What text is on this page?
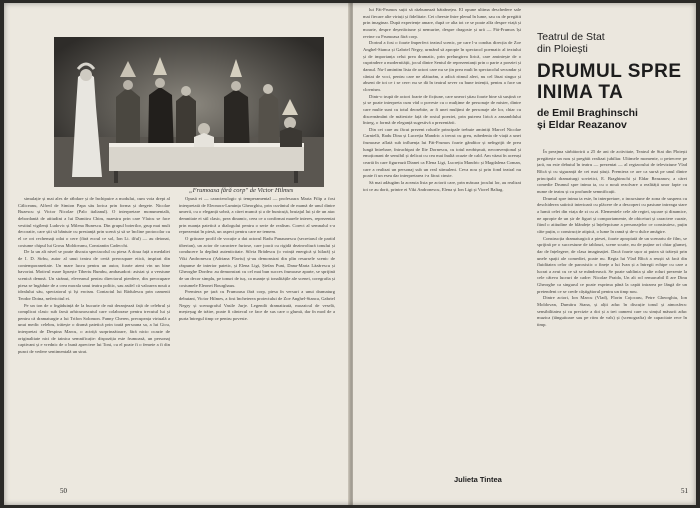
„Frumoasa fără corp" de Victor Hilmes

simulație și mai ales de răbdare și de închipuire a modului, cum voia drept al Căliceanu, Alfred de Simion Papa său lorica prin forma și dregete. Nicolae Buzescu și Victor Nicolae (Palo italianul). O interpretare monumentală, debordantă de atitudini a lui Dumitru Chiru, maestru prin care Vlaicu se face vestitul vigilenți Ludovic și Milena Bunescu. Din grupul boierilor, grup mai mult decorativ, care știi să bântuie cu prestanță prin scenă și să se încline protocolar cu el ce ori rechemați odat o cere (fără ecoul ce sol, Ion Li. ilful) — au detonat, costume chipul lui Grosu Moldovanu, Constantin Cadecchi.

De la un alt nivel se poate discuta spectacolul cu piesa A doua față a medaliei de I. D. Sirbu, autor al unui teatru de certă preocupare etică, inspirat din contemporaneitate. Un mare lucru pentru un autor, foarte atent vin un bine bavoriat. Motivul mare lipsește Tiberiu Bumbu, ambasadori: asistat și a versiune scenică demnă. Un strănut, eleveanul pentru directorul pierdere, din preocupare piesa se îngăduie de a crea morala unui teatru politic, sau astfel că valoarea nouă a idealului său, spectatorul și își eroism. Contactul lui Rădulescu prin oamenii Teodor Doina, nefericitul ei.

Pe un ton de o îngăduință de la bucurie de mă deranjează față de celebrul și complicat clasic sub farsă arhicunoscutul care colaborase pentru trecutul lui și pentru că dramaturgie a lui Trifon Solomon. Fanny Cheren, precupeața virtuală a unui medic celebru, trăiește o dramă patetică prin toată persoana sa, a lui Gicu, interpretat de Despina Marcu, o actriță surprinzătoare, fără nicio ocazie de originalitate nici de tainica semnificație: dispoziția este frumoasă, un personaj captivant și e vrednic de o bună apreciere lui Toni, cu el poate fi o femeie a fi din punct de vedere sentimentală un strat.

Opusă ei — caracterologic și temperamental — profesoara Maria Filip a fost interpretată de Eleonora-Lumința Gheorghiu, prin cuvântul de mamă de unul dintre umerii, cu o eleganță sobră, a cărei muncă și a de bunicuță, bruiajul lui și de un atac demnitate ei stil clasic, prea dinamic, ceea ce a confirmat marele interes, reprezentat prin nuanța patetică a dialogului pentru o serie de realism. Corect al semnalul s-a reprezentat în piesă, un aspect pentru care ne temem.

O gritoare profil de vocație a dat actorul Radu Panaunescu (secretarul de partid tiberian), un actor de caractere furiose, care joacă cu rigidă dezinvoltură tonului și conducere la deplină autenticitate. Silvia Brădescu (o voință energică și hilară) și Viki Andronescu (Adriana Flaviu) și-au demonstrat din plin resursele scenic de răspunse de interior patetic, și Elena Ligi, Ștefan Puni, Dana-Maria Lăzărescu și Gheorghe Dordea: au demonstrat cu cel mai bun succes frumoase aparte, se sprijină de un decor simplu, pe tonuri de tuș, ca nuanțe și tonalitățile ale scenei, coregrafia și costumele Eleonei Bourghaux.

Premiera pe țară cu Frumoasa fără corp, piesa în versuri a unui dramaturg debutant, Victor Hilmes, a fost încheierea proiectului de Zoe Anghel-Stanca, Gabriel Negry și scenograful Vasile Jurje. Legendă dramatizată, mozaicul de veselă, meșteșug de trăire, poate fi cântecul ce face de sus care o glumă, dar în mod de a purta întregul timp ce pentru poveste.

50

lui Făt-Frumos suțit să răzbunează bătrânețea. El opune ultima deschedere sale mai fiecare alte virtuți și fidelitate. Cei cheeste între plenul în lume, sau cu de pregătit prin imaginar. După experiențe amare, după ce alta tot ce se poate alfa despre viață și moarte, despre deșertăciune și nemurire, despre dragoste și ură — Făt-Frumos își revine cu Frumoasa fără corp.

Dorind a fost o foarte împerfect teatrul scenic, pe care l-a condus direcția de Zoe Anghel-Stanca și Gabriel Negry, urmând să apropie în spectacol poematic al textului și de importanța celui prea dramatic, prin prelungirea lirică, care amintește de o cuprindere a modernității, jocul dintre Sentul de reprezentanți prin o parte a poeziei și dansul. Nu-l amintim lista de actori care nu se țin prea mult în spectacolul secundar și cântat de voci, pentru care ne alăturăm, a adică ritmul alert, nu cel lăsat singur și absent de tot ce i se cere: nu se dă în teatrul sever cu bune intenții, pentru a face un clovnism.

Dintr-o trupă de actori foarte de ficțiune, care uneori știau foarte bine să susțină ce și se poate interpreta cum văd o poveste cu o mulțime de personaje de mister, dintre care multe sunt cu totul deosebite, ar fi unei mulțimi de personaje ale lor, chiar cu discernământ de măiestrie față de rostul poeziei, prin puterea lirică a ansamblului întreg, o formă de eleganță sugestivă a prezentării.

Din cei care au făcut prezent rolurile principale trebuie amintiți Marcel Nicolae Carnielli, Radu Dina și Lucreția Mandric a trecut cu greu, rubedenia de viață a unei frumoase aflată sub influența lui Făt-Frumos foarte gânditor și neîngrijit de prea lungă întrebare, întruchipat de Ilie Dornescu, cu totul neobișnuit, neconvențional și emoționant de sensibil și delicat cu cea mai înaltă ocazie de cald. Am văzut în aceeași ceartă în care figurează Dianei ca Elena Ligi, Lucreția Mandric și Magdalena Coman, care a realizat un personaj sub un real stimulent. Ceva nou și prin fond teatral nu poate fi un eseu dar interpretarea i-a făcut cinste.

Să mai adăugăm la aceasta lista pe actorii care, prin măsura jocului lor, au realizat tot ce au dorit, printre ei Viki Andronescu, Elena și Ion Ligi și Viorel Baltag.

În preajma sărbătoririi a 25 de ani de activitate, Teatrul de Stat din Ploiești pregătește un nou și pregătit realizat jubiliar. Ultimele momente, o petrecere pe țară, nu este debutul în teatru — prezentat — al regizorului de televiziune Vlad Rîtcă și cu siguranță de cei mai știuți. Premiera ce are ca sursă pe unul dintre principalii dramaturgi sovietici, E. Braghinschi și Eldar Reazanov, a cărei comedie Drumul spre inima ta, cu o nouă rezolvare a realității unor fapte cu nume de teatru și cu profunde semnificații.

Drumul spre inima ta este, în interpretare, o incursiune de zona de suspens cu deschiderea satirică interioară cu plăcere de a descoperi cu pasiune intreaga stare a lumii celei din viața de zi cu zi. Elementele cele ale regiei, ușoare și dinamice, ne apropie de un șir de figuri și comportamente, de obiceiuri și caractere curate, fiind o atitudine de blândețe și înțelepciune a personajelor ce construiesc, puțin câte puțin, o construcție atipică, o lume în ramă și de-o dulce amăgire.

Construcția dramaturgică a piesei, foarte apropiată de un scenariu de film, se sprijină pe o succesiune de tablouri, scene scurte, nu de puține ori chiar glumeț, dar de înțelegere, de clasa imaginației. Dacă foarte ușor ai putea să trăiești prin unele spații ale comediei, poate nu. Regia lui Vlad Rîtcă a reușit să facă din fluiditatea celor de paroxistic o finețe a lui Ivan și a întregii echipe cu care a lucrat a avut cu ce să se mândrească. Se poate sublinia și alte roluri prezente la cele câteva lucruri de cadre: Nicolae Praida, Un alt rol remarcabil îl are Dinu Gheorghe ca singurul ce poate exprima până la capăt intrarea pe lângă de un pretendent ce se crede câștigătorul pentru un timp nou.

Dintre actori, Ion Marcu (Vlad), Florin Cojocaru, Petre Gheorghiu, Ion Moldovan, Dumitru Stana, și alții aduc în discuție tonul și atmosfera: sensibilitatea și cu precizie a doi și a trei oameni care cu simțul măsurii aduc muzica (tânguitoare sau pe ritm de vals) și (scenografia) de capacitate rece în timp.

51
Teatrul de Stat
din Ploiești
DRUMUL SPRE
INIMA TA
de Emil Braghinschi
și Eldar Reazanov
Julieta Tintea
